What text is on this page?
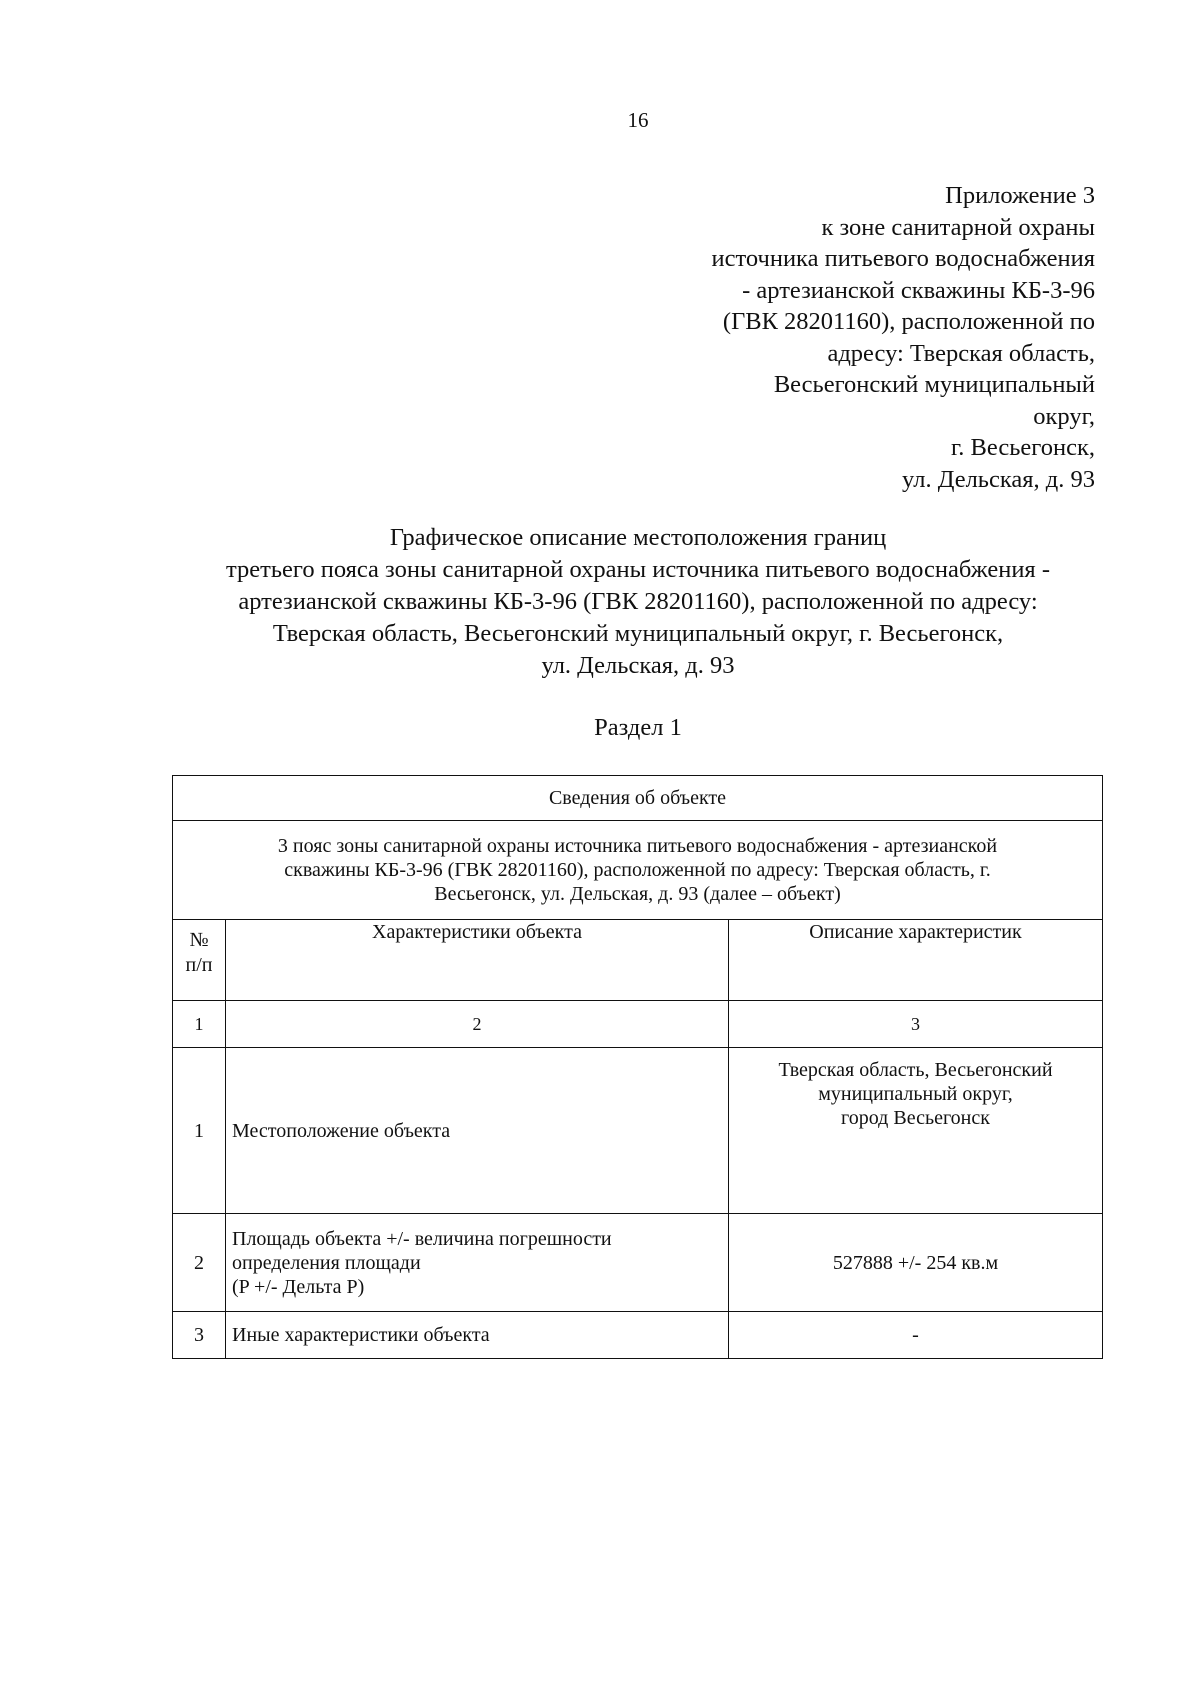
16
Приложение 3
к зоне санитарной охраны
источника питьевого водоснабжения
- артезианской скважины КБ-3-96
(ГВК 28201160), расположенной по
адресу: Тверская область,
Весьегонский муниципальный
округ,
г. Весьегонск,
ул. Дельская, д. 93
Графическое описание местоположения границ
третьего пояса зоны санитарной охраны источника питьевого водоснабжения -
артезианской скважины КБ-3-96 (ГВК 28201160), расположенной по адресу:
Тверская область, Весьегонский муниципальный округ, г. Весьегонск,
ул. Дельская, д. 93
Раздел 1
Сведения об объекте		

3 пояс зоны санитарной охраны источника питьевого водоснабжения - артезианской
скважины КБ-3-96 (ГВК 28201160), расположенной по адресу: Тверская область, г.
Весьегонск, ул. Дельская, д. 93 (далее – объект)		

№
п/п	Характеристики объекта	Описание характеристик
1	2	3
1	Местоположение объекта	Тверская область, Весьегонский
муниципальный округ,
город Весьегонск

2	Площадь объекта +/- величина погрешности
определения площади
(P +/- Дельта P)	527888 +/- 254 кв.м

3	Иные характеристики объекта	-
